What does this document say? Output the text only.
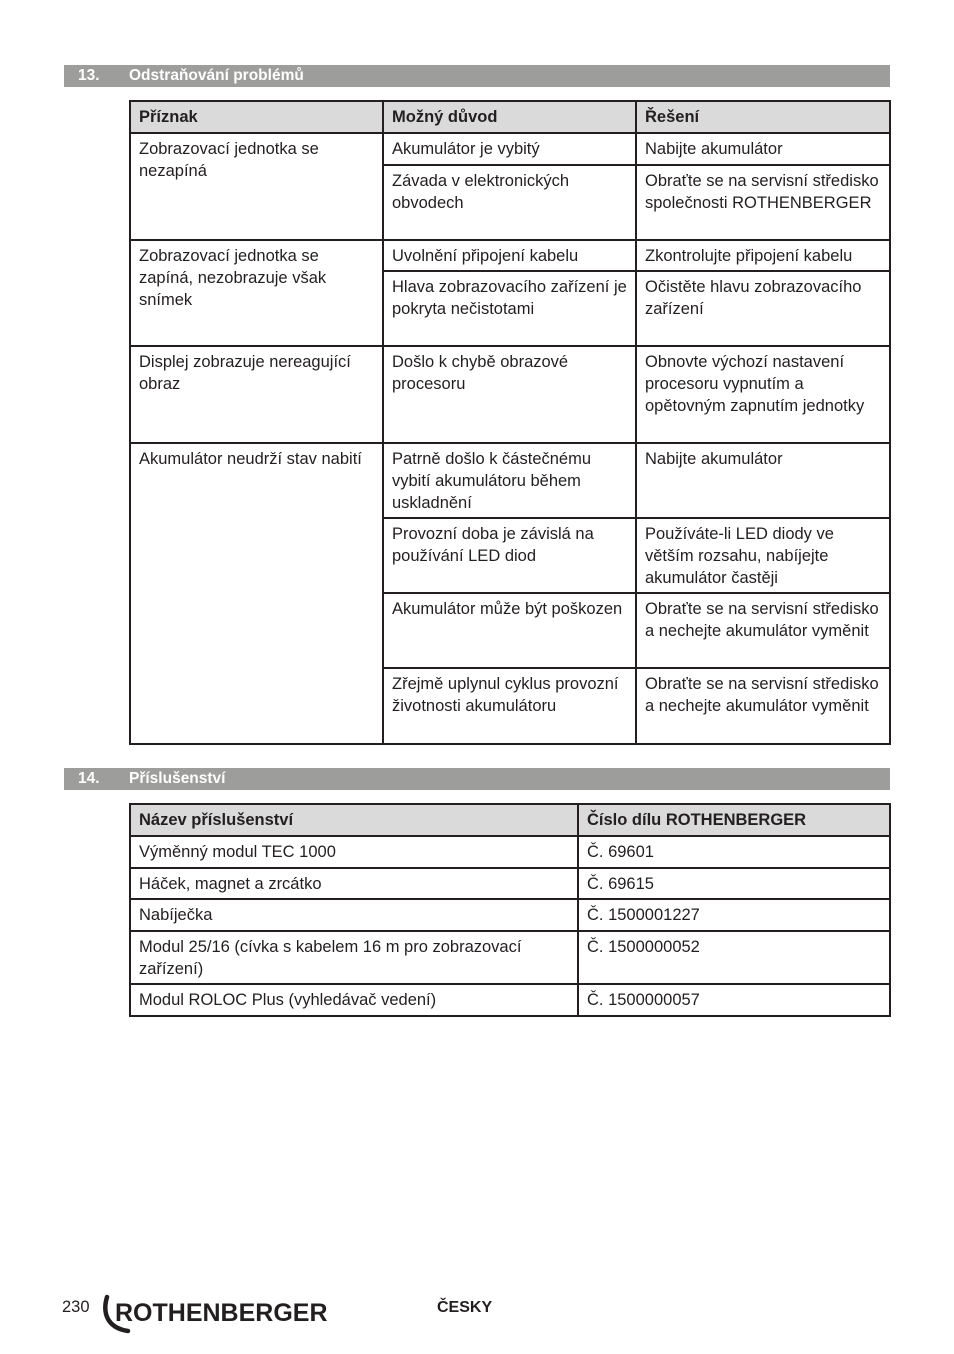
13. Odstraňování problémů
Příznak	Možný důvod	Řešení
Zobrazovací jednotka se nezapíná	Akumulátor je vybitý	Nabijte akumulátor
	Závada v elektronických obvodech	Obraťte se na servisní středisko společnosti ROTHENBERGER
Zobrazovací jednotka se zapíná, nezobrazuje však snímek	Uvolnění připojení kabelu	Zkontrolujte připojení kabelu
	Hlava zobrazovacího zařízení je pokryta nečistotami	Očistěte hlavu zobrazovacího zařízení
Displej zobrazuje nereagující obraz	Došlo k chybě obrazové procesoru	Obnovte výchozí nastavení procesoru vypnutím a opětovným zapnutím jednotky
Akumulátor neudrží stav nabití	Patrně došlo k částečnému vybití akumulátoru během uskladnění	Nabijte akumulátor
	Provozní doba je závislá na používání LED diod	Používáte-li LED diody ve větším rozsahu, nabíjejte akumulátor častěji
	Akumulátor může být poškozen	Obraťte se na servisní středisko a nechejte akumulátor vyměnit
	Zřejmě uplynul cyklus provozní životnosti akumulátoru	Obraťte se na servisní středisko a nechejte akumulátor vyměnit
14. Příslušenství
Název příslušenství	Číslo dílu ROTHENBERGER
Výměnný modul TEC 1000	Č. 69601
Háček, magnet a zrcátko	Č. 69615
Nabíječka	Č. 1500001227
Modul 25/16 (cívka s kabelem 16 m pro zobrazovací zařízení)	Č. 1500000052
Modul ROLOC Plus (vyhledávač vedení)	Č. 1500000057
230 ROTHENBERGER	ČESKY
